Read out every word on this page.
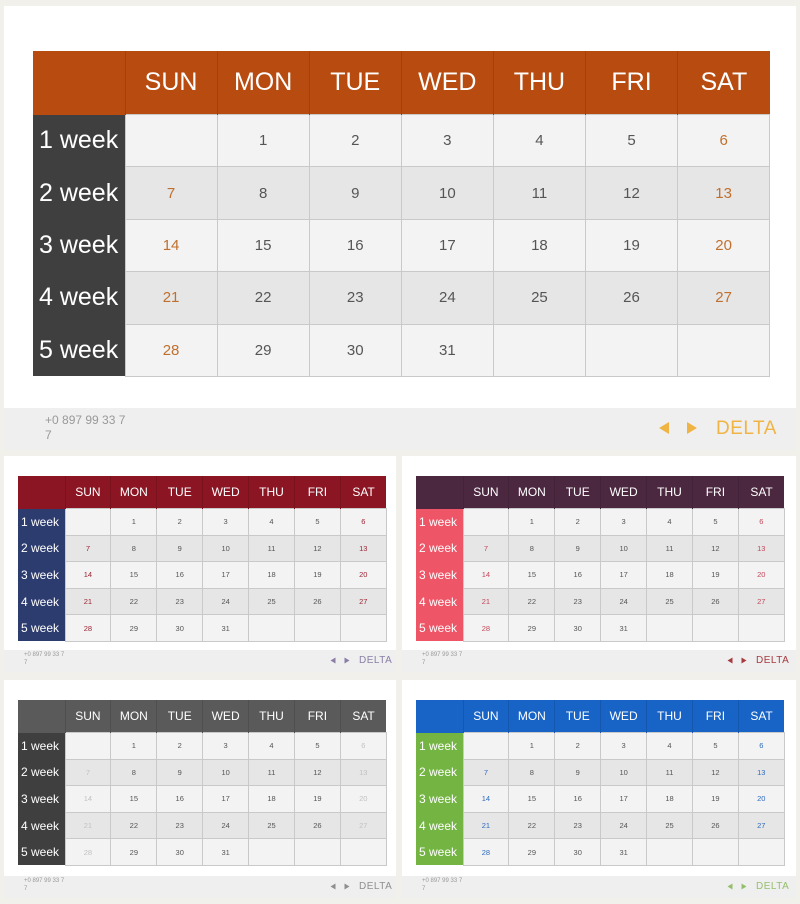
	SUN	MON	TUE	WED	THU	FRI	SAT
1 week		1	2	3	4	5	6
2 week	7	8	9	10	11	12	13
3 week	14	15	16	17	18	19	20
4 week	21	22	23	24	25	26	27
5 week	28	29	30	31			
+0 897 99 33 7
7	DELTA
	SUN	MON	TUE	WED	THU	FRI	SAT
1 week		1	2	3	4	5	6
2 week	7	8	9	10	11	12	13
3 week	14	15	16	17	18	19	20
4 week	21	22	23	24	25	26	27
5 week	28	29	30	31			
+0 897 99 33 7
7	DELTA
	SUN	MON	TUE	WED	THU	FRI	SAT
1 week		1	2	3	4	5	6
2 week	7	8	9	10	11	12	13
3 week	14	15	16	17	18	19	20
4 week	21	22	23	24	25	26	27
5 week	28	29	30	31			
+0 897 99 33 7
7	DELTA
	SUN	MON	TUE	WED	THU	FRI	SAT
1 week		1	2	3	4	5	6
2 week	7	8	9	10	11	12	13
3 week	14	15	16	17	18	19	20
4 week	21	22	23	24	25	26	27
5 week	28	29	30	31			
+0 897 99 33 7
7	DELTA
	SUN	MON	TUE	WED	THU	FRI	SAT
1 week		1	2	3	4	5	6
2 week	7	8	9	10	11	12	13
3 week	14	15	16	17	18	19	20
4 week	21	22	23	24	25	26	27
5 week	28	29	30	31			
+0 897 99 33 7
7	DELTA
